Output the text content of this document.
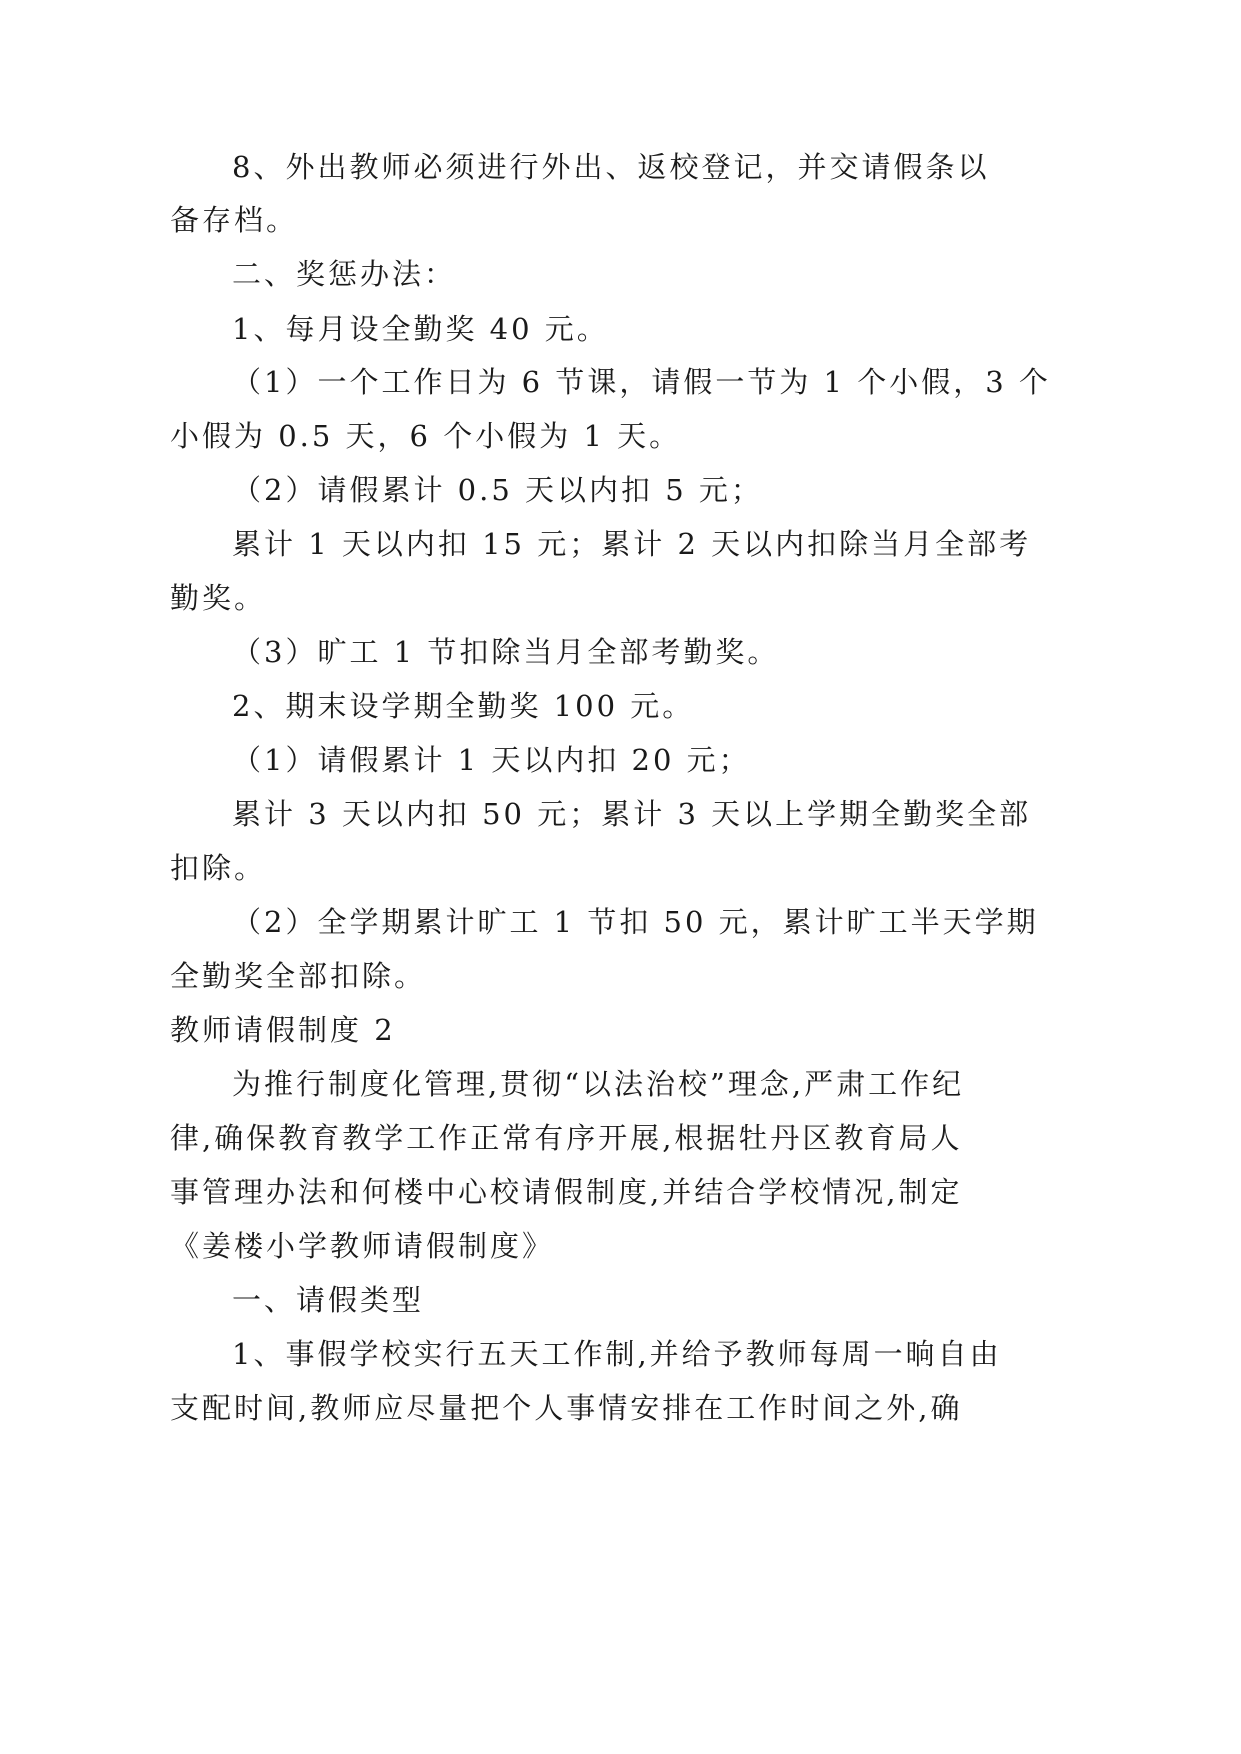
8、外出教师必须进行外出、返校登记，并交请假条以
备存档。
二、奖惩办法：
1、每月设全勤奖 40 元。
（1）一个工作日为 6 节课，请假一节为 1 个小假，3 个
小假为 0.5 天，6 个小假为 1 天。
（2）请假累计 0.5 天以内扣 5 元；
累计 1 天以内扣 15 元；累计 2 天以内扣除当月全部考
勤奖。
（3）旷工 1 节扣除当月全部考勤奖。
2、期末设学期全勤奖 100 元。
（1）请假累计 1 天以内扣 20 元；
累计 3 天以内扣 50 元；累计 3 天以上学期全勤奖全部
扣除。
（2）全学期累计旷工 1 节扣 50 元，累计旷工半天学期
全勤奖全部扣除。
教师请假制度 2
为推行制度化管理,贯彻“以法治校”理念,严肃工作纪
律,确保教育教学工作正常有序开展,根据牡丹区教育局人
事管理办法和何楼中心校请假制度,并结合学校情况,制定
《姜楼小学教师请假制度》
一、请假类型
1、事假学校实行五天工作制,并给予教师每周一晌自由
支配时间,教师应尽量把个人事情安排在工作时间之外,确
